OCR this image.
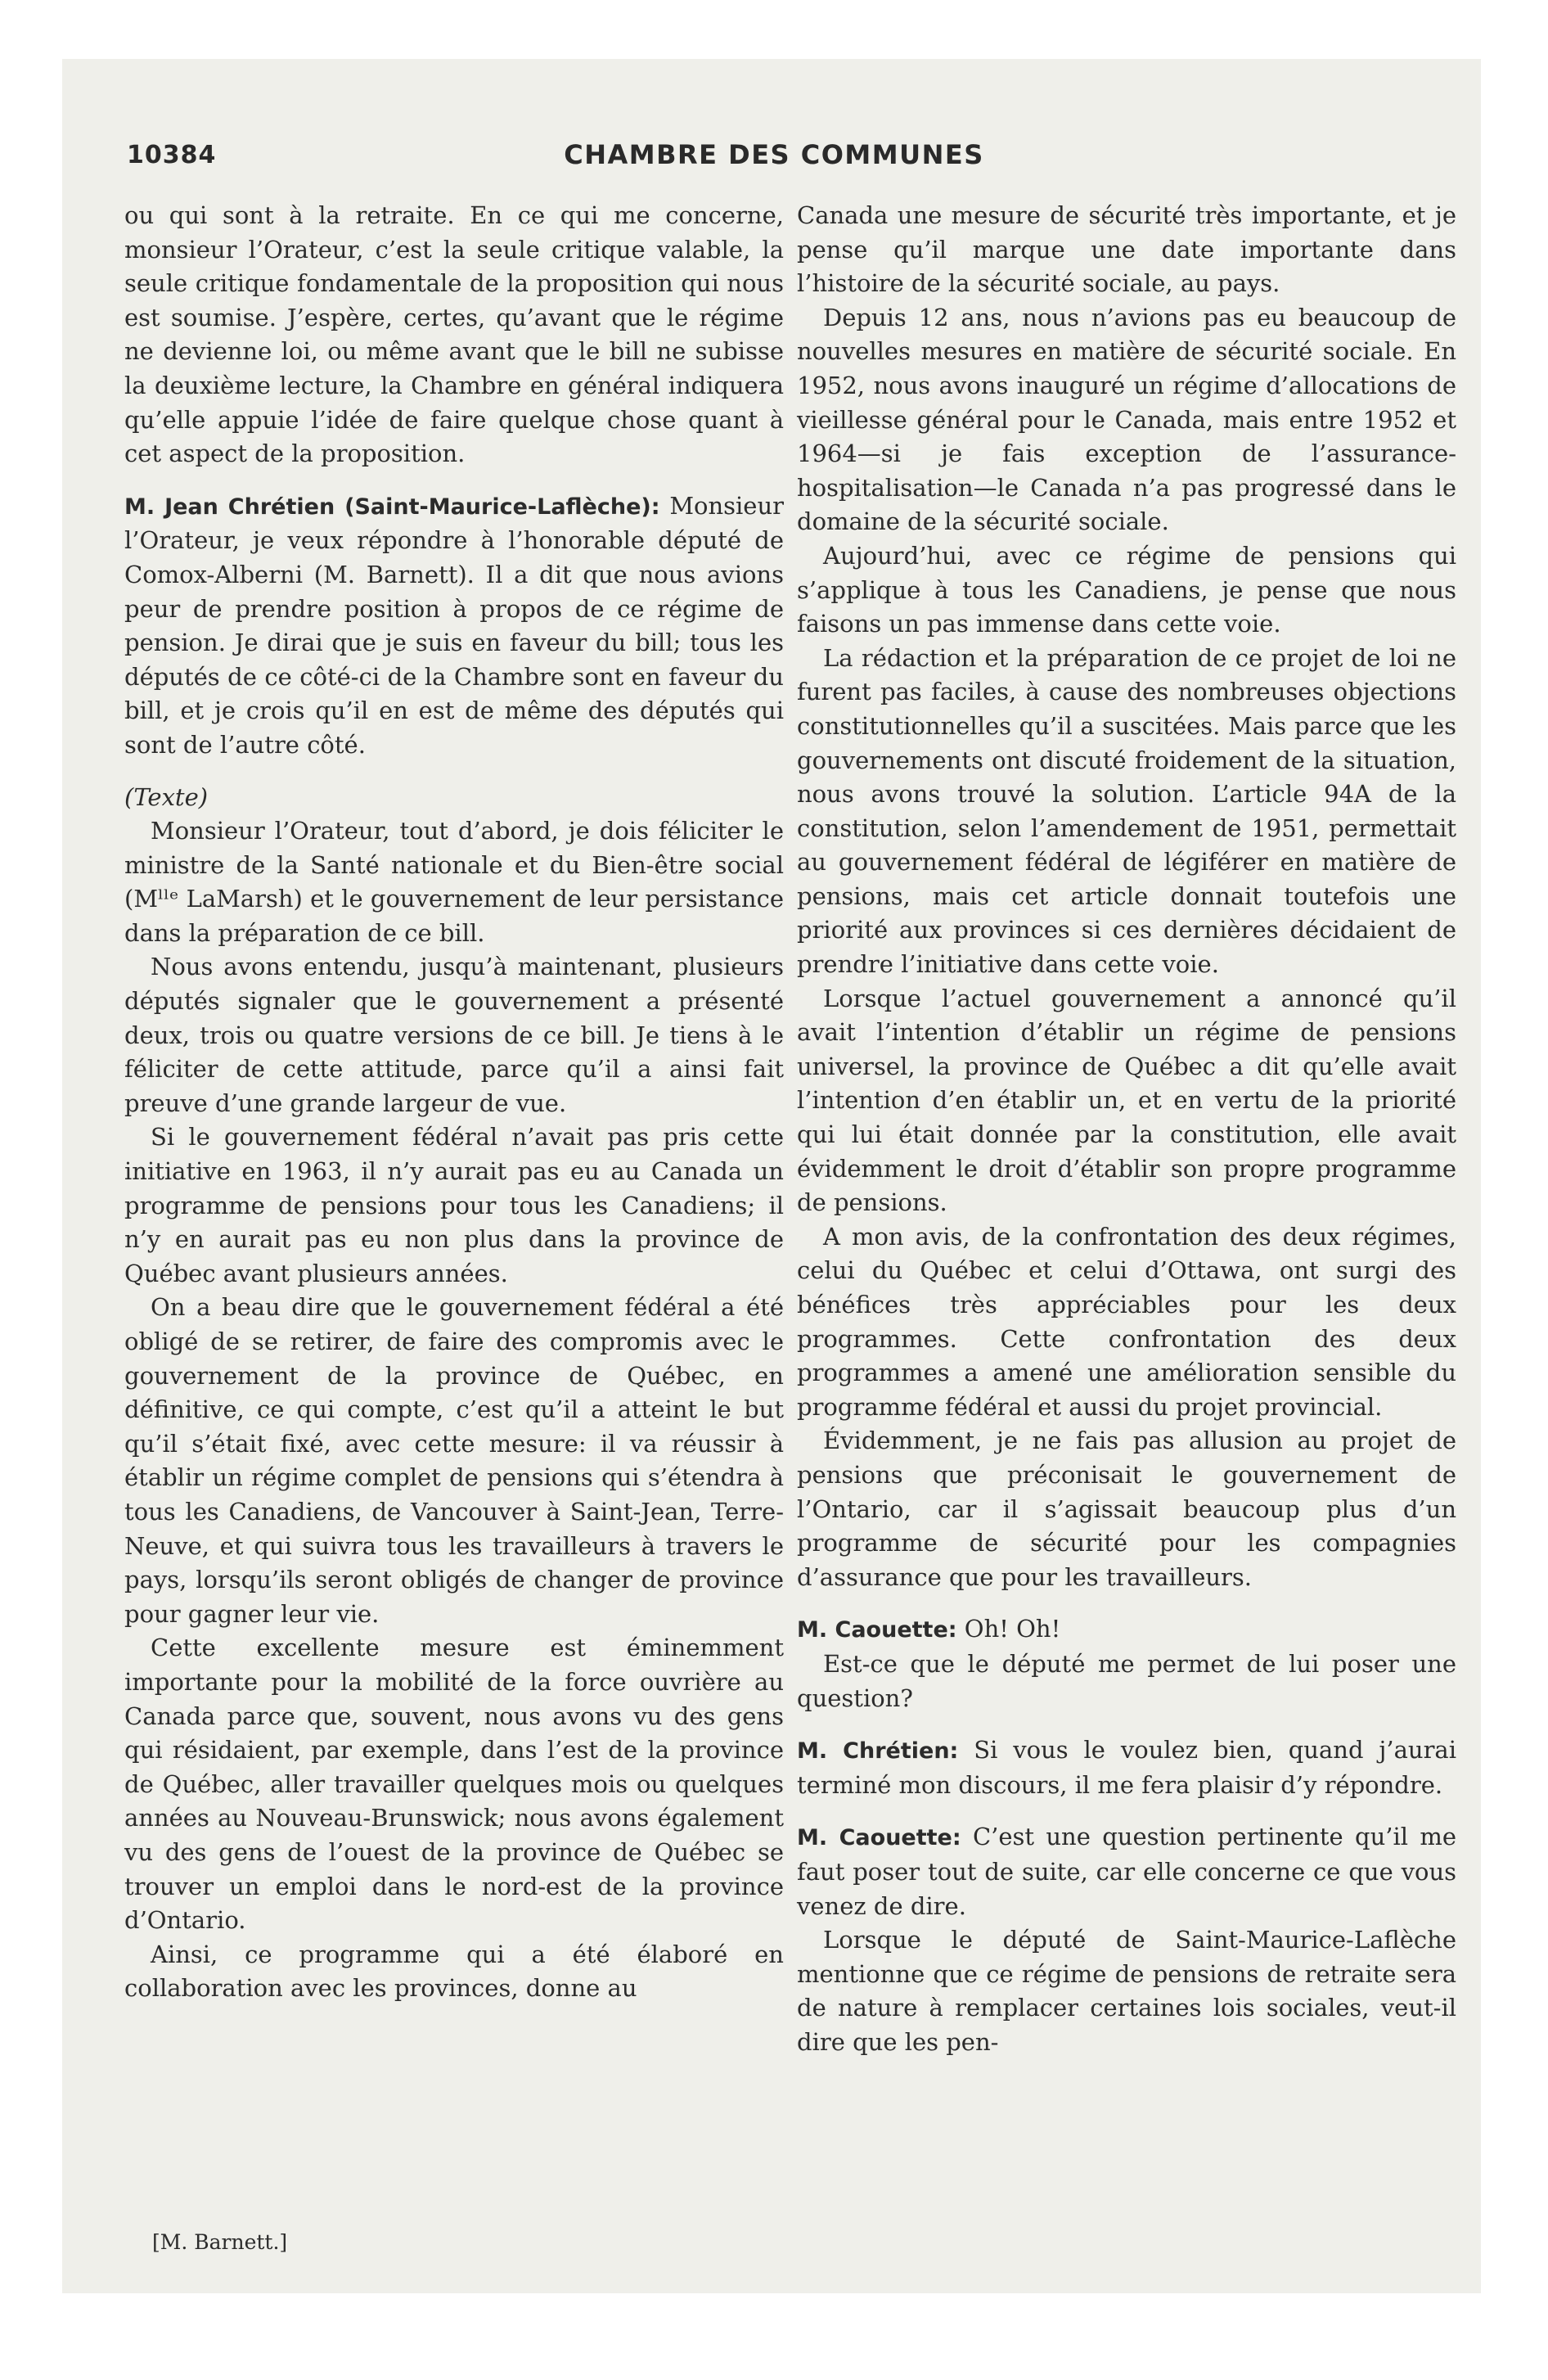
10384	CHAMBRE DES COMMUNES

ou qui sont à la retraite. En ce qui me concerne, monsieur l’Orateur, c’est la seule critique valable, la seule critique fondamentale de la proposition qui nous est soumise. J’espère, certes, qu’avant que le régime ne devienne loi, ou même avant que le bill ne subisse la deuxième lecture, la Chambre en général indiquera qu’elle appuie l’idée de faire quelque chose quant à cet aspect de la proposition.

M. Jean Chrétien (Saint-Maurice-Laflèche): Monsieur l’Orateur, je veux répondre à l’honorable député de Comox-Alberni (M. Barnett). Il a dit que nous avions peur de prendre position à propos de ce régime de pension. Je dirai que je suis en faveur du bill; tous les députés de ce côté-ci de la Chambre sont en faveur du bill, et je crois qu’il en est de même des députés qui sont de l’autre côté.

(Texte)

Monsieur l’Orateur, tout d’abord, je dois féliciter le ministre de la Santé nationale et du Bien-être social (Mˡˡᵉ LaMarsh) et le gouvernement de leur persistance dans la préparation de ce bill.

Nous avons entendu, jusqu’à maintenant, plusieurs députés signaler que le gouvernement a présenté deux, trois ou quatre versions de ce bill. Je tiens à le féliciter de cette attitude, parce qu’il a ainsi fait preuve d’une grande largeur de vue.

Si le gouvernement fédéral n’avait pas pris cette initiative en 1963, il n’y aurait pas eu au Canada un programme de pensions pour tous les Canadiens; il n’y en aurait pas eu non plus dans la province de Québec avant plusieurs années.

On a beau dire que le gouvernement fédéral a été obligé de se retirer, de faire des compromis avec le gouvernement de la province de Québec, en définitive, ce qui compte, c’est qu’il a atteint le but qu’il s’était fixé, avec cette mesure: il va réussir à établir un régime complet de pensions qui s’étendra à tous les Canadiens, de Vancouver à Saint-Jean, Terre-Neuve, et qui suivra tous les travailleurs à travers le pays, lorsqu’ils seront obligés de changer de province pour gagner leur vie.

Cette excellente mesure est éminemment importante pour la mobilité de la force ouvrière au Canada parce que, souvent, nous avons vu des gens qui résidaient, par exemple, dans l’est de la province de Québec, aller travailler quelques mois ou quelques années au Nouveau-Brunswick; nous avons également vu des gens de l’ouest de la province de Québec se trouver un emploi dans le nord-est de la province d’Ontario.

Ainsi, ce programme qui a été élaboré en collaboration avec les provinces, donne au

Canada une mesure de sécurité très importante, et je pense qu’il marque une date importante dans l’histoire de la sécurité sociale, au pays.

Depuis 12 ans, nous n’avions pas eu beaucoup de nouvelles mesures en matière de sécurité sociale. En 1952, nous avons inauguré un régime d’allocations de vieillesse général pour le Canada, mais entre 1952 et 1964—si je fais exception de l’assurance-hospitalisation—le Canada n’a pas progressé dans le domaine de la sécurité sociale.

Aujourd’hui, avec ce régime de pensions qui s’applique à tous les Canadiens, je pense que nous faisons un pas immense dans cette voie.

La rédaction et la préparation de ce projet de loi ne furent pas faciles, à cause des nombreuses objections constitutionnelles qu’il a suscitées. Mais parce que les gouvernements ont discuté froidement de la situation, nous avons trouvé la solution. L’article 94A de la constitution, selon l’amendement de 1951, permettait au gouvernement fédéral de légiférer en matière de pensions, mais cet article donnait toutefois une priorité aux provinces si ces dernières décidaient de prendre l’initiative dans cette voie.

Lorsque l’actuel gouvernement a annoncé qu’il avait l’intention d’établir un régime de pensions universel, la province de Québec a dit qu’elle avait l’intention d’en établir un, et en vertu de la priorité qui lui était donnée par la constitution, elle avait évidemment le droit d’établir son propre programme de pensions.

A mon avis, de la confrontation des deux régimes, celui du Québec et celui d’Ottawa, ont surgi des bénéfices très appréciables pour les deux programmes. Cette confrontation des deux programmes a amené une amélioration sensible du programme fédéral et aussi du projet provincial.

Évidemment, je ne fais pas allusion au projet de pensions que préconisait le gouvernement de l’Ontario, car il s’agissait beaucoup plus d’un programme de sécurité pour les compagnies d’assurance que pour les travailleurs.

M. Caouette: Oh! Oh!

Est-ce que le député me permet de lui poser une question?

M. Chrétien: Si vous le voulez bien, quand j’aurai terminé mon discours, il me fera plaisir d’y répondre.

M. Caouette: C’est une question pertinente qu’il me faut poser tout de suite, car elle concerne ce que vous venez de dire.

Lorsque le député de Saint-Maurice-Laflèche mentionne que ce régime de pensions de retraite sera de nature à remplacer certaines lois sociales, veut-il dire que les pen-

[M. Barnett.]
